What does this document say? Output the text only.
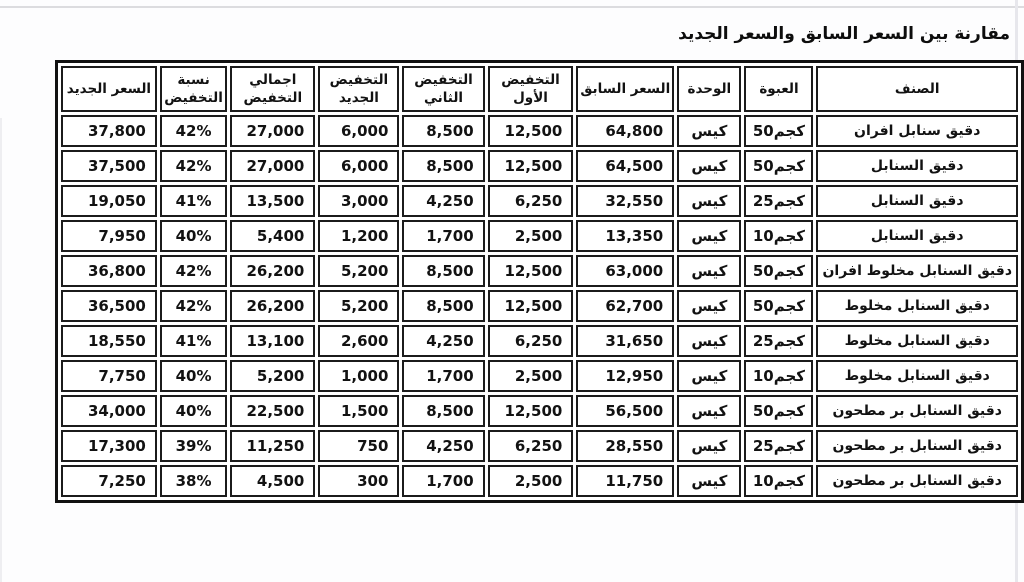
مقارنة بين السعر السابق والسعر الجديد
الصنف	العبوة	الوحدة	السعر السابق	التخفيض الأول	التخفيض الثاني	التخفيض الجديد	اجمالي التخفيض	نسبة التخفيض	السعر الجديد
دقيق سنابل افران	50كجم	كيس	64,800	12,500	8,500	6,000	27,000	42%	37,800
دقيق السنابل	50كجم	كيس	64,500	12,500	8,500	6,000	27,000	42%	37,500
دقيق السنابل	25كجم	كيس	32,550	6,250	4,250	3,000	13,500	41%	19,050
دقيق السنابل	10كجم	كيس	13,350	2,500	1,700	1,200	5,400	40%	7,950
دقيق السنابل مخلوط افران	50كجم	كيس	63,000	12,500	8,500	5,200	26,200	42%	36,800
دقيق السنابل مخلوط	50كجم	كيس	62,700	12,500	8,500	5,200	26,200	42%	36,500
دقيق السنابل مخلوط	25كجم	كيس	31,650	6,250	4,250	2,600	13,100	41%	18,550
دقيق السنابل مخلوط	10كجم	كيس	12,950	2,500	1,700	1,000	5,200	40%	7,750
دقيق السنابل بر مطحون	50كجم	كيس	56,500	12,500	8,500	1,500	22,500	40%	34,000
دقيق السنابل بر مطحون	25كجم	كيس	28,550	6,250	4,250	750	11,250	39%	17,300
دقيق السنابل بر مطحون	10كجم	كيس	11,750	2,500	1,700	300	4,500	38%	7,250
